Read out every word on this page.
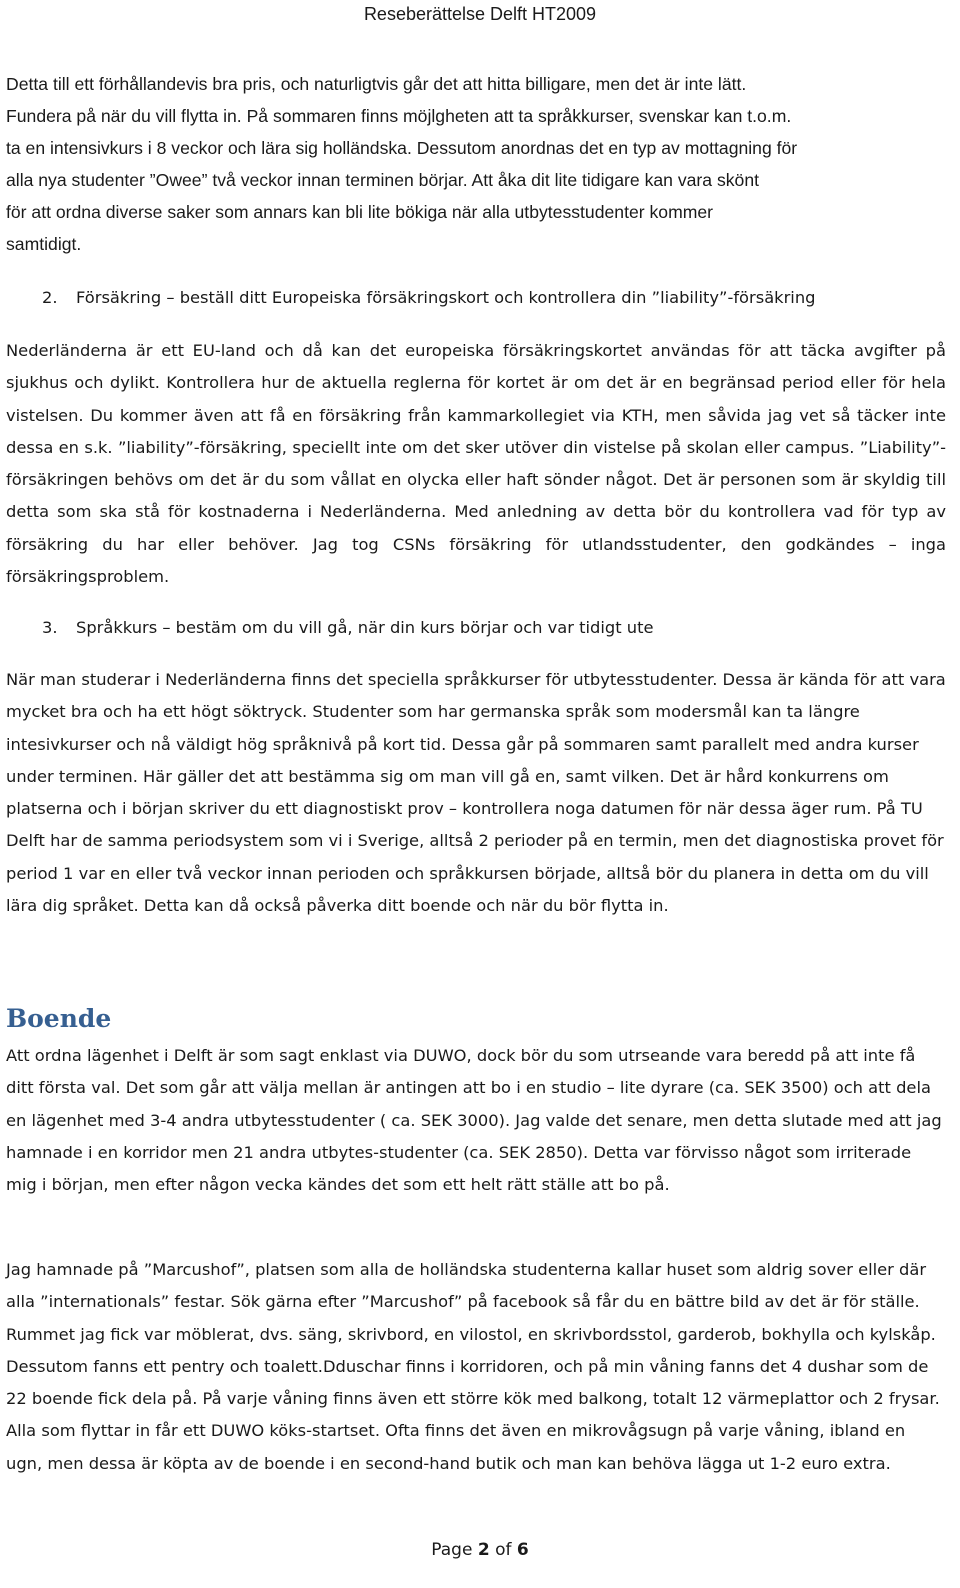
Reseberättelse Delft HT2009

Detta till ett förhållandevis bra pris, och naturligtvis går det att hitta billigare, men det är inte lätt.

Fundera på när du vill flytta in. På sommaren finns möjlgheten att ta språkkurser, svenskar kan t.o.m.

ta en intensivkurs i 8 veckor och lära sig holländska. Dessutom anordnas det en typ av mottagning för

alla nya studenter ”Owee” två veckor innan terminen börjar. Att åka dit lite tidigare kan vara skönt

för att ordna diverse saker som annars kan bli lite bökiga när alla utbytesstudenter kommer

samtidigt.

2. Försäkring – beställ ditt Europeiska försäkringskort och kontrollera din ”liability”-försäkring
Nederländerna är ett EU-land och då kan det europeiska försäkringskortet användas för att täcka avgifter på sjukhus och dylikt. Kontrollera hur de aktuella reglerna för kortet är om det är en begränsad period eller för hela vistelsen. Du kommer även att få en försäkring från kammarkollegiet via KTH, men såvida jag vet så täcker inte dessa en s.k. ”liability”-försäkring, speciellt inte om det sker utöver din vistelse på skolan eller campus. ”Liability”-försäkringen behövs om det är du som vållat en olycka eller haft sönder något. Det är personen som är skyldig till detta som ska stå för kostnaderna i Nederländerna. Med anledning av detta bör du kontrollera vad för typ av försäkring du har eller behöver. Jag tog CSNs försäkring för utlandsstudenter, den godkändes – inga försäkringsproblem.
3. Språkkurs – bestäm om du vill gå, när din kurs börjar och var tidigt ute
När man studerar i Nederländerna finns det speciella språkkurser för utbytesstudenter. Dessa är kända för att vara mycket bra och ha ett högt söktryck. Studenter som har germanska språk som modersmål kan ta längre intesivkurser och nå väldigt hög språknivå på kort tid. Dessa går på sommaren samt parallelt med andra kurser under terminen. Här gäller det att bestämma sig om man vill gå en, samt vilken. Det är hård konkurrens om platserna och i början skriver du ett diagnostiskt prov – kontrollera noga datumen för när dessa äger rum. På TU Delft har de samma periodsystem som vi i Sverige, alltså 2 perioder på en termin, men det diagnostiska provet för period 1 var en eller två veckor innan perioden och språkkursen började, alltså bör du planera in detta om du vill lära dig språket. Detta kan då också påverka ditt boende och när du bör flytta in.
Boende
Att ordna lägenhet i Delft är som sagt enklast via DUWO, dock bör du som utrseande vara beredd på att inte få ditt första val. Det som går att välja mellan är antingen att bo i en studio – lite dyrare (ca. SEK 3500) och att dela en lägenhet med 3-4 andra utbytesstudenter ( ca. SEK 3000). Jag valde det senare, men detta slutade med att jag hamnade i en korridor men 21 andra utbytes-studenter (ca. SEK 2850). Detta var förvisso något som irriterade mig i början, men efter någon vecka kändes det som ett helt rätt ställe att bo på.
Jag hamnade på ”Marcushof”, platsen som alla de holländska studenterna kallar huset som aldrig sover eller där alla ”internationals” festar. Sök gärna efter ”Marcushof” på facebook så får du en bättre bild av det är för ställe. Rummet jag fick var möblerat, dvs. säng, skrivbord, en vilostol, en skrivbordsstol, garderob, bokhylla och kylskåp. Dessutom fanns ett pentry och toalett.Dduschar finns i korridoren, och på min våning fanns det 4 dushar som de 22 boende fick dela på. På varje våning finns även ett större kök med balkong, totalt 12 värmeplattor och 2 frysar. Alla som flyttar in får ett DUWO köks-startset. Ofta finns det även en mikrovågsugn på varje våning, ibland en ugn, men dessa är köpta av de boende i en second-hand butik och man kan behöva lägga ut 1-2 euro extra.
Page 2 of 6
